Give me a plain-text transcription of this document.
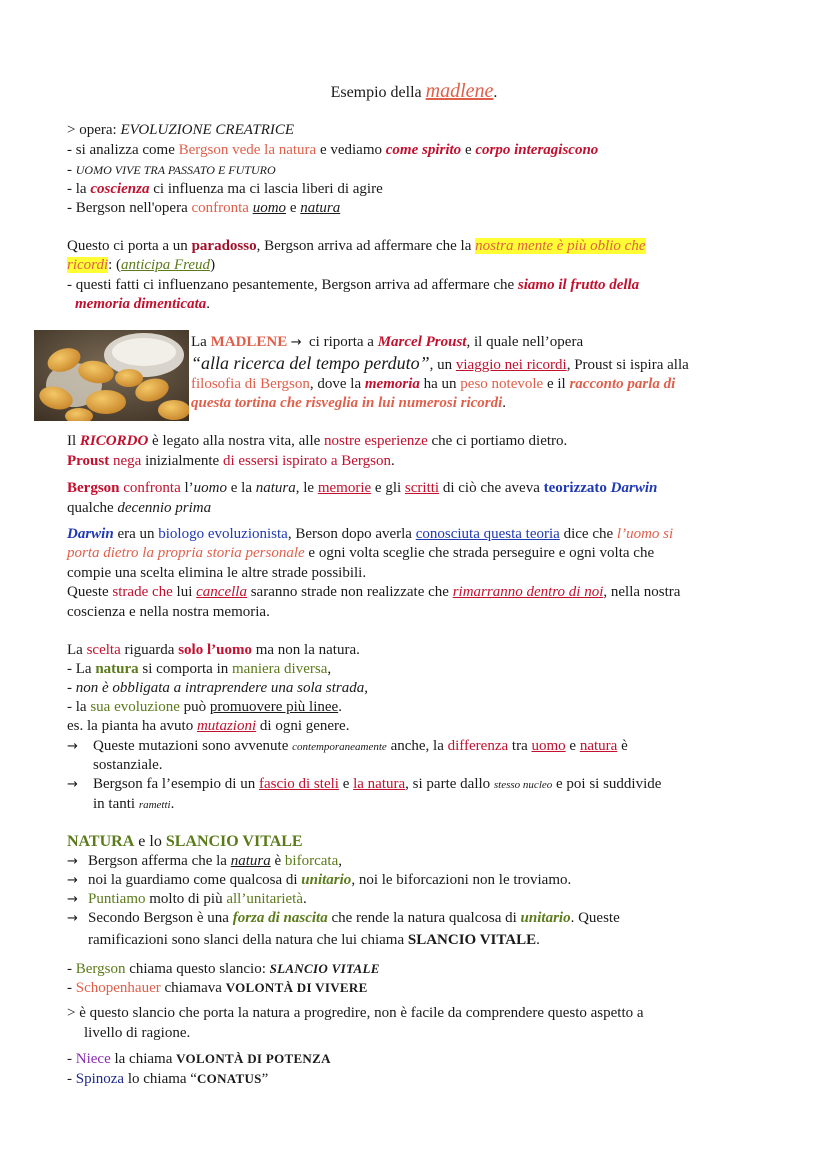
Esempio della madlene.
> opera: EVOLUZIONE CREATRICE
- si analizza come Bergson vede la natura e vediamo come spirito e corpo interagiscono
- UOMO VIVE TRA PASSATO E FUTURO
- la coscienza ci influenza ma ci lascia liberi di agire
- Bergson nell'opera confronta uomo e natura
Questo ci porta a un paradosso, Bergson arriva ad affermare che la nostra mente è più oblio che
ricordi: (anticipa Freud)
- questi fatti ci influenzano pesantemente, Bergson arriva ad affermare che siamo il frutto della
memoria dimenticata.
La MADLENE → ci riporta a Marcel Proust, il quale nell’opera
“alla ricerca del tempo perduto”, un viaggio nei ricordi, Proust si ispira alla
filosofia di Bergson, dove la memoria ha un peso notevole e il racconto parla di
questa tortina che risveglia in lui numerosi ricordi.
Il RICORDO è legato alla nostra vita, alle nostre esperienze che ci portiamo dietro.
Proust nega inizialmente di essersi ispirato a Bergson.
Bergson confronta l’uomo e la natura, le memorie e gli scritti di ciò che aveva teorizzato Darwin
qualche decennio prima
Darwin era un biologo evoluzionista, Berson dopo averla conosciuta questa teoria dice che l’uomo si
porta dietro la propria storia personale e ogni volta sceglie che strada perseguire e ogni volta che
compie una scelta elimina le altre strade possibili.
Queste strade che lui cancella saranno strade non realizzate che rimarranno dentro di noi, nella nostra
coscienza e nella nostra memoria.
La scelta riguarda solo l’uomo ma non la natura.
- La natura si comporta in maniera diversa,
- non è obbligata a intraprendere una sola strada,
- la sua evoluzione può promuovere più linee.
es. la pianta ha avuto mutazioni di ogni genere.
→ Queste mutazioni sono avvenute contemporaneamente anche, la differenza tra uomo e natura è
sostanziale.
→ Bergson fa l’esempio di un fascio di steli e la natura, si parte dallo stesso nucleo e poi si suddivide
in tanti rametti.
NATURA e lo SLANCIO VITALE
→ Bergson afferma che la natura è biforcata,
→ noi la guardiamo come qualcosa di unitario, noi le biforcazioni non le troviamo.
→ Puntiamo molto di più all’unitarietà.
→ Secondo Bergson è una forza di nascita che rende la natura qualcosa di unitario. Queste
ramificazioni sono slanci della natura che lui chiama SLANCIO VITALE.
- Bergson chiama questo slancio: SLANCIO VITALE
- Schopenhauer chiamava VOLONTÀ DI VIVERE
> è questo slancio che porta la natura a progredire, non è facile da comprendere questo aspetto a
livello di ragione.
- Niece la chiama VOLONTÀ DI POTENZA
- Spinoza lo chiama “CONATUS”
